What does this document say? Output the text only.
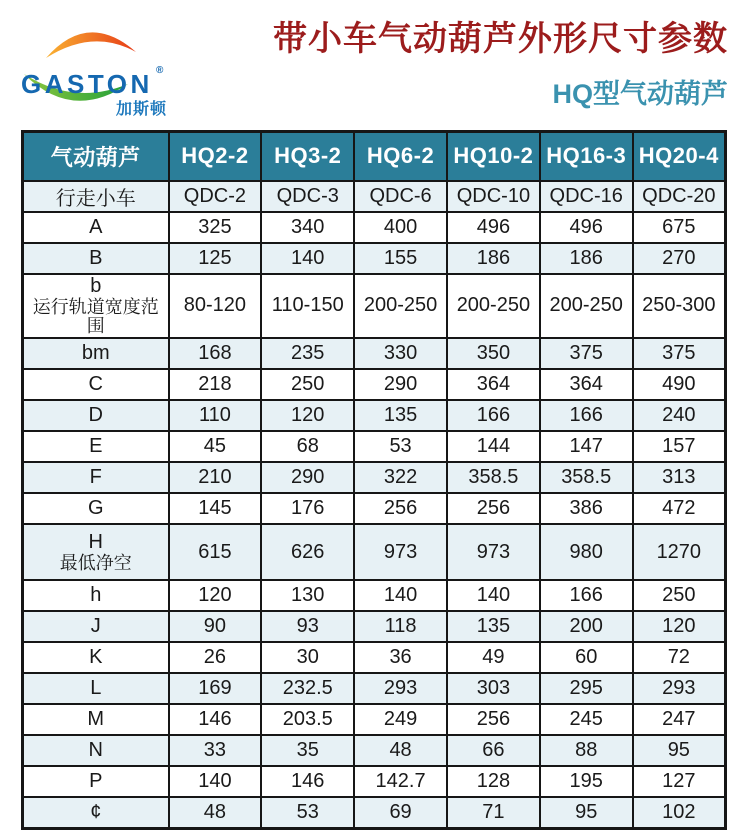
GASTON ®
加斯顿
带小车气动葫芦外形尺寸参数
HQ型气动葫芦
气动葫芦	HQ2-2	HQ3-2	HQ6-2	HQ10-2	HQ16-3	HQ20-4
行走小车	QDC-2	QDC-3	QDC-6	QDC-10	QDC-16	QDC-20
A	325	340	400	496	496	675
B	125	140	155	186	186	270

b
运行轨道宽度范围	80-120	110-150	200-250	200-250	200-250	250-300
bm	168	235	330	350	375	375
C	218	250	290	364	364	490
D	110	120	135	166	166	240
E	45	68	53	144	147	157
F	210	290	322	358.5	358.5	313
G	145	176	256	256	386	472

H
最低净空	615	626	973	973	980	1270
h	120	130	140	140	166	250
J	90	93	118	135	200	120
K	26	30	36	49	60	72
L	169	232.5	293	303	295	293
M	146	203.5	249	256	245	247
N	33	35	48	66	88	95
P	140	146	142.7	128	195	127
¢	48	53	69	71	95	102
